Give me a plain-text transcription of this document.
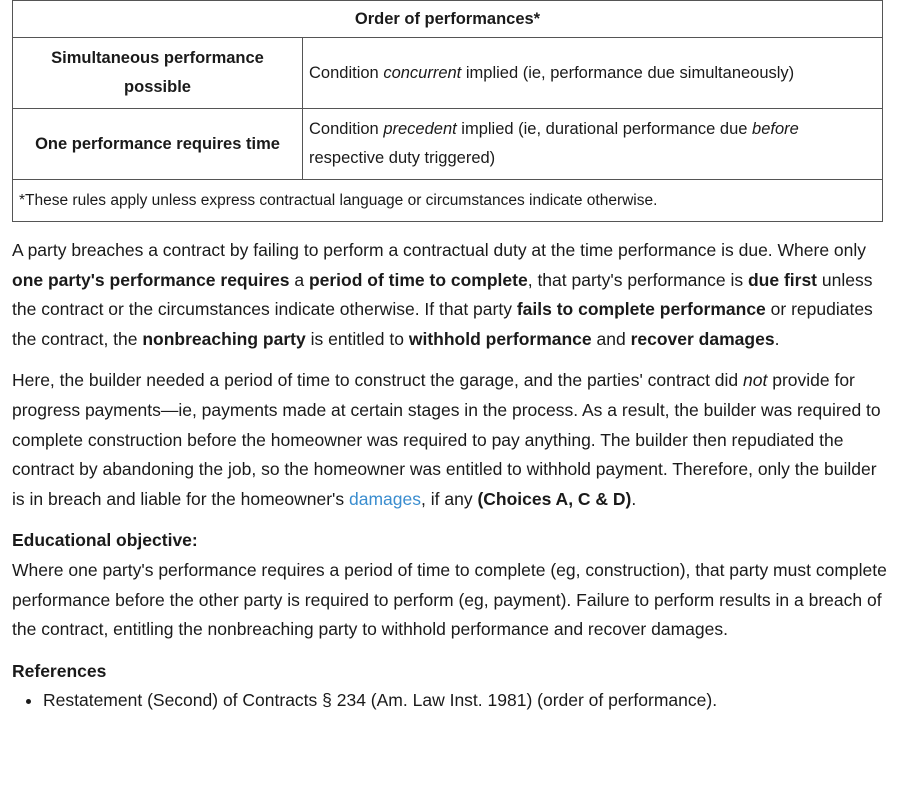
Order of performances*	
Simultaneous performance possible	Condition concurrent implied (ie, performance due simultaneously)
One performance requires time	Condition precedent implied (ie, durational performance due before
respective duty triggered)
*These rules apply unless express contractual language or circumstances indicate otherwise.	

A party breaches a contract by failing to perform a contractual duty at the time performance is due. Where only one party's performance requires a period of time to complete, that party's performance is due first unless the contract or the circumstances indicate otherwise. If that party fails to complete performance or repudiates the contract, the nonbreaching party is entitled to withhold performance and recover damages.

Here, the builder needed a period of time to construct the garage, and the parties' contract did not provide for progress payments—ie, payments made at certain stages in the process. As a result, the builder was required to complete construction before the homeowner was required to pay anything. The builder then repudiated the contract by abandoning the job, so the homeowner was entitled to withhold payment. Therefore, only the builder is in breach and liable for the homeowner's damages, if any (Choices A, C & D).

Educational objective:

Where one party's performance requires a period of time to complete (eg, construction), that party must complete performance before the other party is required to perform (eg, payment). Failure to perform results in a breach of the contract, entitling the nonbreaching party to withhold performance and recover damages.

References
• Restatement (Second) of Contracts § 234 (Am. Law Inst. 1981) (order of performance).
